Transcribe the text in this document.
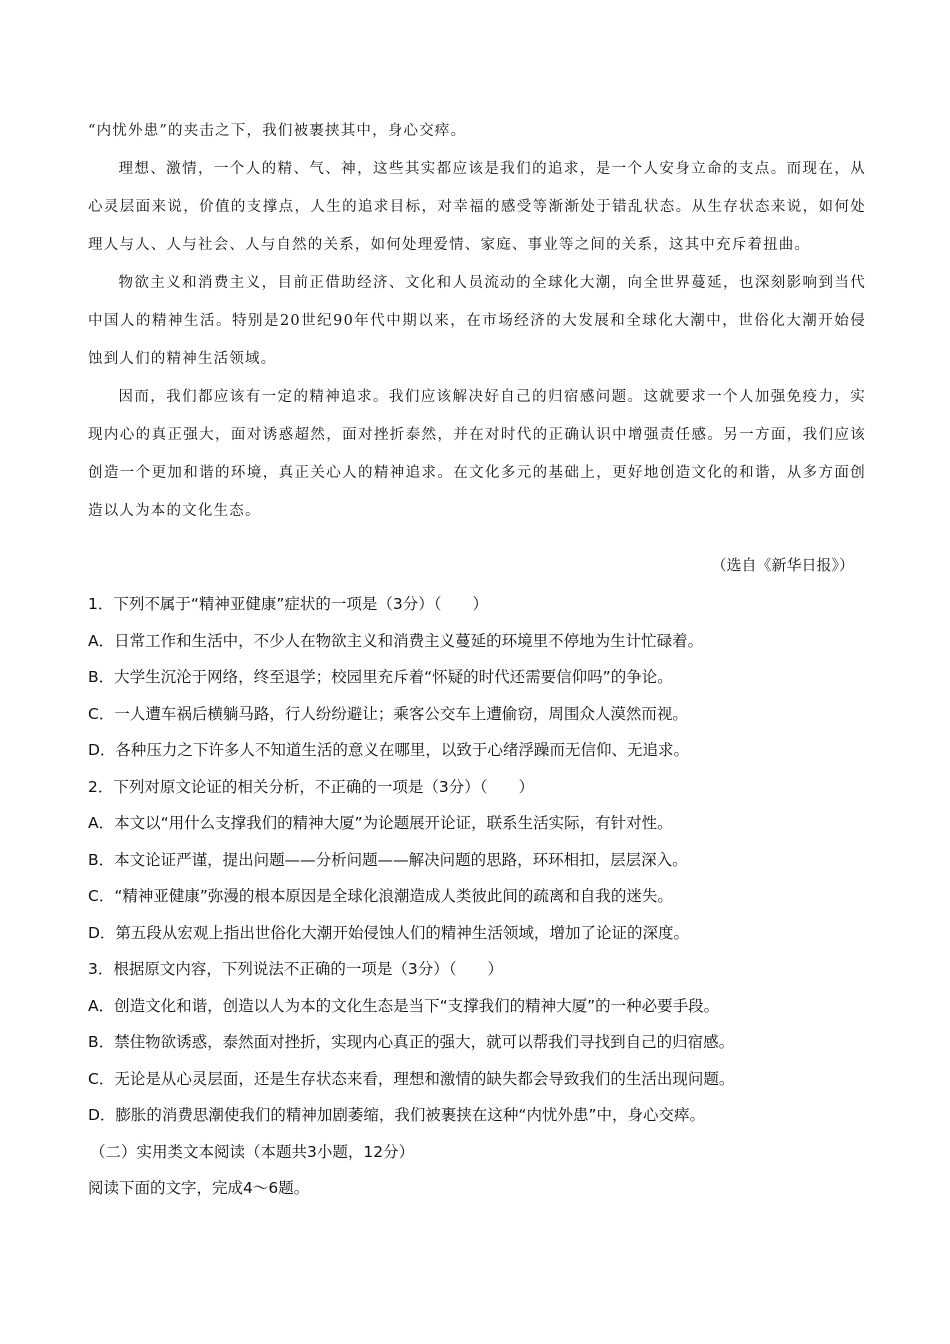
“内忧外患”的夹击之下，我们被裹挟其中，身心交瘁。

理想、激情，一个人的精、气、神，这些其实都应该是我们的追求，是一个人安身立命的支点。而现在，从心灵层面来说，价值的支撑点，人生的追求目标，对幸福的感受等渐渐处于错乱状态。从生存状态来说，如何处理人与人、人与社会、人与自然的关系，如何处理爱情、家庭、事业等之间的关系，这其中充斥着扭曲。

物欲主义和消费主义，目前正借助经济、文化和人员流动的全球化大潮，向全世界蔓延，也深刻影响到当代中国人的精神生活。特别是20世纪90年代中期以来，在市场经济的大发展和全球化大潮中，世俗化大潮开始侵蚀到人们的精神生活领域。

因而，我们都应该有一定的精神追求。我们应该解决好自己的归宿感问题。这就要求一个人加强免疫力，实现内心的真正强大，面对诱惑超然，面对挫折泰然，并在对时代的正确认识中增强责任感。另一方面，我们应该创造一个更加和谐的环境，真正关心人的精神追求。在文化多元的基础上，更好地创造文化的和谐，从多方面创造以人为本的文化生态。

（选自《新华日报》）

1．下列不属于“精神亚健康”症状的一项是（3分）（　　）

A．日常工作和生活中，不少人在物欲主义和消费主义蔓延的环境里不停地为生计忙碌着。

B．大学生沉沦于网络，终至退学；校园里充斥着“怀疑的时代还需要信仰吗”的争论。

C．一人遭车祸后横躺马路，行人纷纷避让；乘客公交车上遭偷窃，周围众人漠然而视。

D．各种压力之下许多人不知道生活的意义在哪里，以致于心绪浮躁而无信仰、无追求。

2．下列对原文论证的相关分析，不正确的一项是（3分）（　　）

A．本文以“用什么支撑我们的精神大厦”为论题展开论证，联系生活实际，有针对性。

B．本文论证严谨，提出问题——分析问题——解决问题的思路，环环相扣，层层深入。

C．“精神亚健康”弥漫的根本原因是全球化浪潮造成人类彼此间的疏离和自我的迷失。

D．第五段从宏观上指出世俗化大潮开始侵蚀人们的精神生活领域，增加了论证的深度。

3．根据原文内容，下列说法不正确的一项是（3分）（　　）

A．创造文化和谐，创造以人为本的文化生态是当下“支撑我们的精神大厦”的一种必要手段。

B．禁住物欲诱惑，泰然面对挫折，实现内心真正的强大，就可以帮我们寻找到自己的归宿感。

C．无论是从心灵层面，还是生存状态来看，理想和激情的缺失都会导致我们的生活出现问题。

D．膨胀的消费思潮使我们的精神加剧萎缩，我们被裹挟在这种“内忧外患”中，身心交瘁。

（二）实用类文本阅读（本题共3小题，12分）

阅读下面的文字，完成4～6题。
